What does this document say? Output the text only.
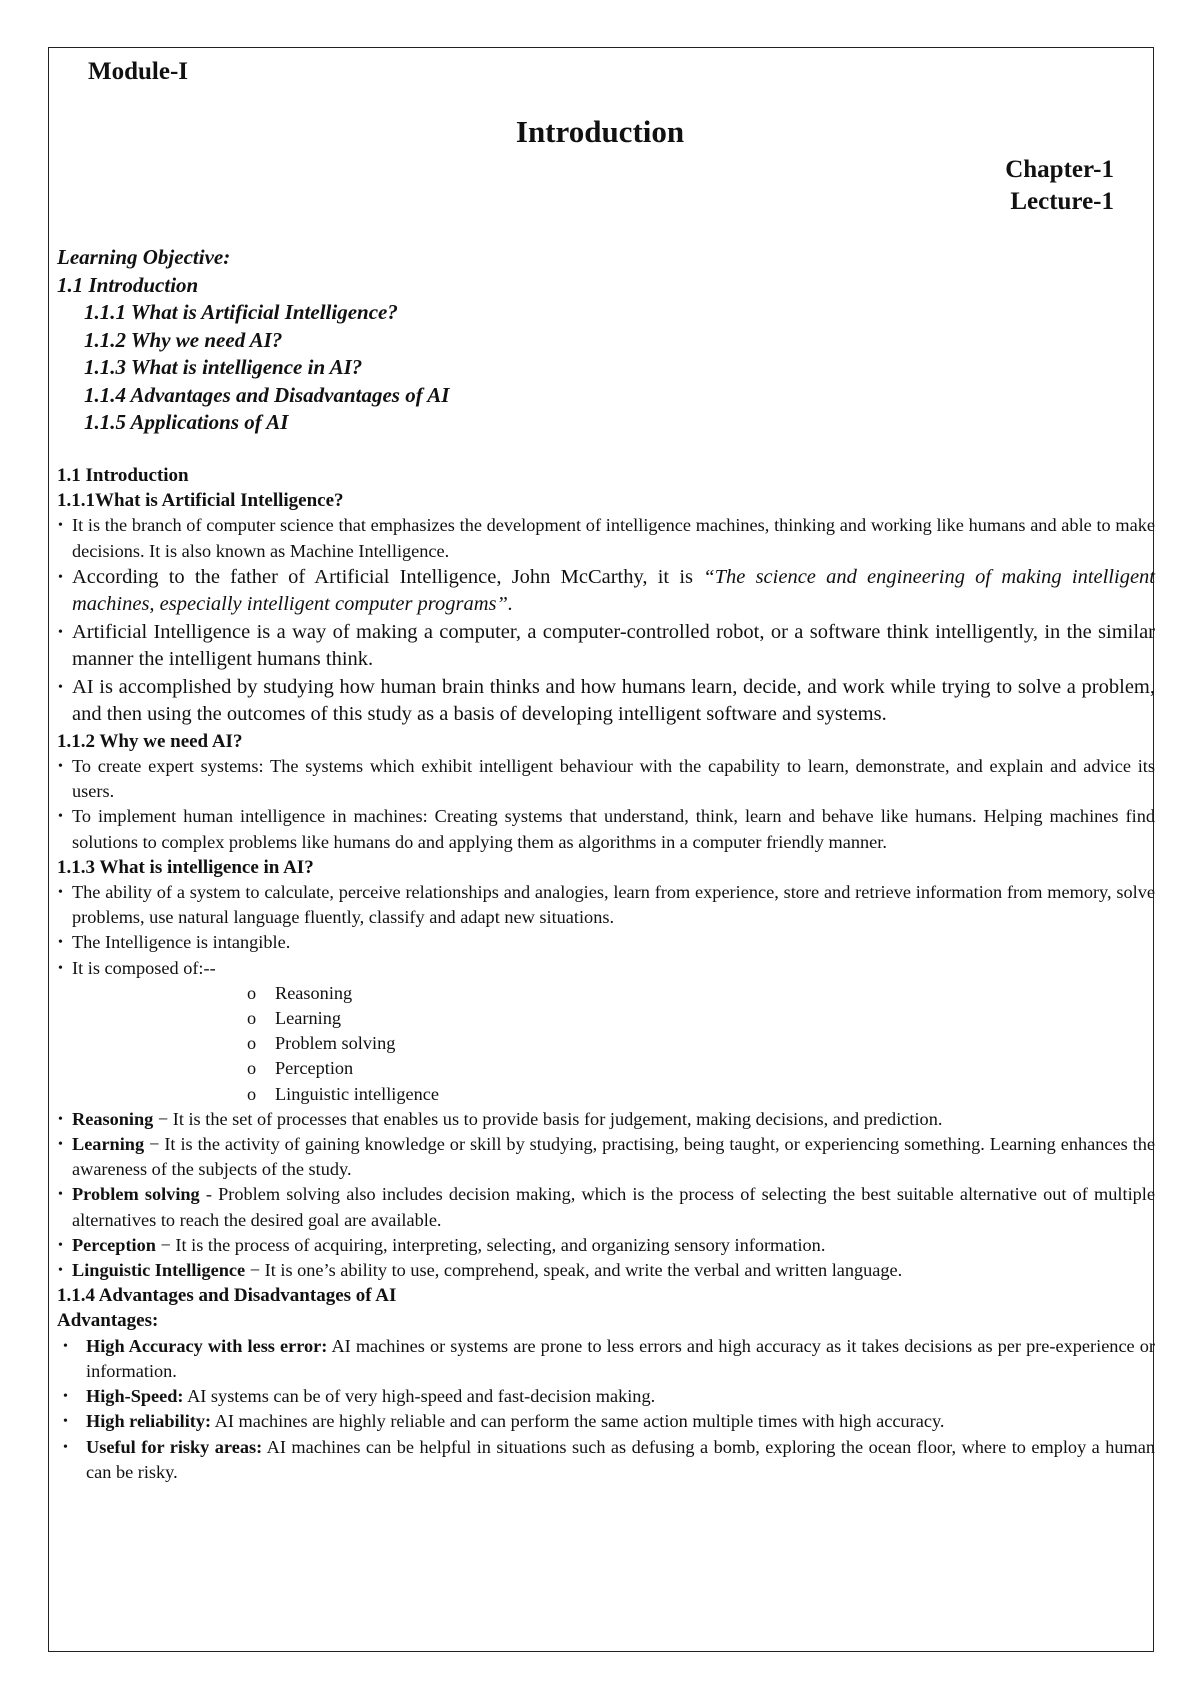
Module-I
Introduction
Chapter-1
Lecture-1
Learning Objective:
1.1 Introduction
1.1.1 What is Artificial Intelligence?
1.1.2 Why we need AI?
1.1.3 What is intelligence in AI?
1.1.4 Advantages and Disadvantages of AI
1.1.5 Applications of AI
1.1 Introduction
1.1.1What is Artificial Intelligence?
• It is the branch of computer science that emphasizes the development of intelligence machines, thinking and working like humans and able to make decisions. It is also known as Machine Intelligence.
• According to the father of Artificial Intelligence, John McCarthy, it is “The science and engineering of making intelligent machines, especially intelligent computer programs”.
• Artificial Intelligence is a way of making a computer, a computer-controlled robot, or a software think intelligently, in the similar manner the intelligent humans think.
• AI is accomplished by studying how human brain thinks and how humans learn, decide, and work while trying to solve a problem, and then using the outcomes of this study as a basis of developing intelligent software and systems.
1.1.2 Why we need AI?
• To create expert systems: The systems which exhibit intelligent behaviour with the capability to learn, demonstrate, and explain and advice its users.
• To implement human intelligence in machines: Creating systems that understand, think, learn and behave like humans. Helping machines find solutions to complex problems like humans do and applying them as algorithms in a computer friendly manner.
1.1.3 What is intelligence in AI?
• The ability of a system to calculate, perceive relationships and analogies, learn from experience, store and retrieve information from memory, solve problems, use natural language fluently, classify and adapt new situations.
• The Intelligence is intangible.
• It is composed of:--
o Reasoning
o Learning
o Problem solving
o Perception
o Linguistic intelligence
• Reasoning − It is the set of processes that enables us to provide basis for judgement, making decisions, and prediction.
• Learning − It is the activity of gaining knowledge or skill by studying, practising, being taught, or experiencing something. Learning enhances the awareness of the subjects of the study.
• Problem solving - Problem solving also includes decision making, which is the process of selecting the best suitable alternative out of multiple alternatives to reach the desired goal are available.
• Perception − It is the process of acquiring, interpreting, selecting, and organizing sensory information.
• Linguistic Intelligence − It is one’s ability to use, comprehend, speak, and write the verbal and written language.
1.1.4 Advantages and Disadvantages of AI
Advantages:
• High Accuracy with less error: AI machines or systems are prone to less errors and high accuracy as it takes decisions as per pre-experience or information.
• High-Speed: AI systems can be of very high-speed and fast-decision making.
• High reliability: AI machines are highly reliable and can perform the same action multiple times with high accuracy.
• Useful for risky areas: AI machines can be helpful in situations such as defusing a bomb, exploring the ocean floor, where to employ a human can be risky.
